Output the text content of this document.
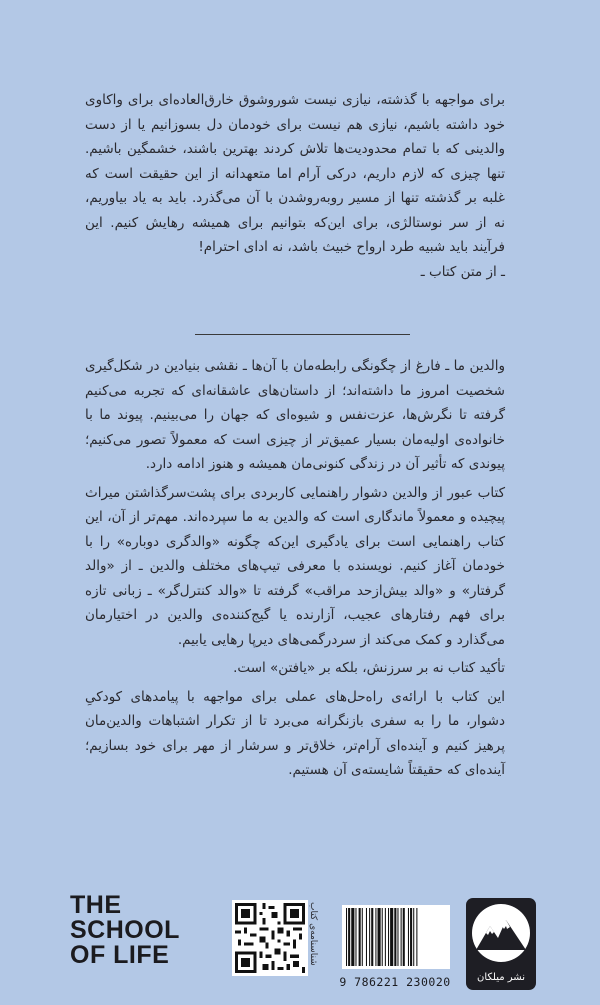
برای مواجهه با گذشته، نیازی نیست شوروشوق خارق‌العاده‌ای برای واکاوی خود داشته باشیم، نیازی هم نیست برای خودمان دل بسوزانیم یا از دست والدینی که با تمام محدودیت‌ها تلاش کردند بهترین باشند، خشمگین باشیم. تنها چیزی که لازم داریم، درکی آرام اما متعهدانه از این حقیقت است که غلبه بر گذشته تنها از مسیر روبه‌روشدن با آن می‌گذرد. باید به یاد بیاوریم، نه از سر نوستالژی، برای این‌که بتوانیم برای همیشه رهایش کنیم. این فرآیند باید شبیه طرد ارواح خبیث باشد، نه ادای احترام!
ـ از متن کتاب ـ

والدین ما ـ فارغ از چگونگی رابطه‌مان با آن‌ها ـ نقشی بنیادین در شکل‌گیری شخصیت امروز ما داشته‌اند؛ از داستان‌های عاشقانه‌ای که تجربه می‌کنیم گرفته تا نگرش‌ها، عزت‌نفس و شیوه‌ای که جهان را می‌بینیم. پیوند ما با خانواده‌ی اولیه‌مان بسیار عمیق‌تر از چیزی است که معمولاً تصور می‌کنیم؛ پیوندی که تأثیر آن در زندگی کنونی‌مان همیشه و هنوز ادامه دارد.

کتاب عبور از والدین دشوار راهنمایی کاربردی برای پشت‌سرگذاشتن میراث پیچیده و معمولاً ماندگاری است که والدین به ما سپرده‌اند. مهم‌تر از آن، این کتاب راهنمایی است برای یادگیری این‌که چگونه «والدگری دوباره» را با خودمان آغاز کنیم. نویسنده با معرفی تیپ‌های مختلف والدین ـ از «والد گرفتار» و «والد بیش‌ازحد مراقب» گرفته تا «والد کنترل‌گر» ـ زبانی تازه برای فهم رفتارهای عجیب، آزارنده یا گیج‌کننده‌ی والدین در اختیارمان می‌گذارد و کمک می‌کند از سردرگمی‌های دیرپا رهایی یابیم.

تأکید کتاب نه بر سرزنش، بلکه بر «یافتن» است.

این کتاب با ارائه‌ی راه‌حل‌های عملی برای مواجهه با پیامدهای کودکیِ دشوار، ما را به سفری بازنگرانه می‌برد تا از تکرار اشتباهات والدین‌مان پرهیز کنیم و آینده‌ای آرام‌تر، خلاق‌تر و سرشار از مهر برای خود بسازیم؛ آینده‌ای که حقیقتاً شایسته‌ی آن هستیم.

THE
SCHOOL
OF LIFE	شناسنامه‌ی کتاب
9 786221 230020	نشر میلکان
